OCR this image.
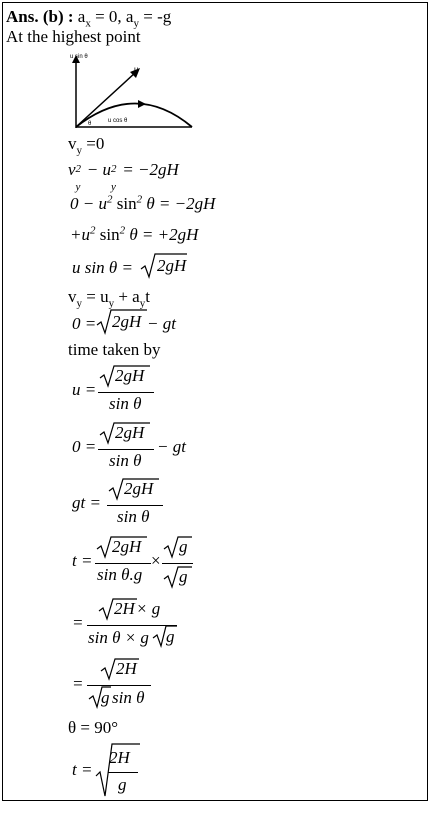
Ans. (b) : $a_x = 0$, $a_y = -g$
At the highest point
u sin θ
u
θ	u cos θ
$v_y =0$
v 2
y
− u 2
y
= −2gH
$0 - u^2$ $\sin^2 \theta = -2gH$
$+u^2$ $\sin^2 \theta = +2gH$
u sin θ = 2gH
$v_y = u_y + a_yt$
0 = 2gH − gt
time taken by
u =
2gH
sin θ
0 =
2gH
sin θ
− gt
gt =
2gH
sin θ
t =
2gH
sin θ.g
×
g
g
=
2H × g
sin θ × g g
=
2H
g sin θ
θ = 90°
t =
2H
g
